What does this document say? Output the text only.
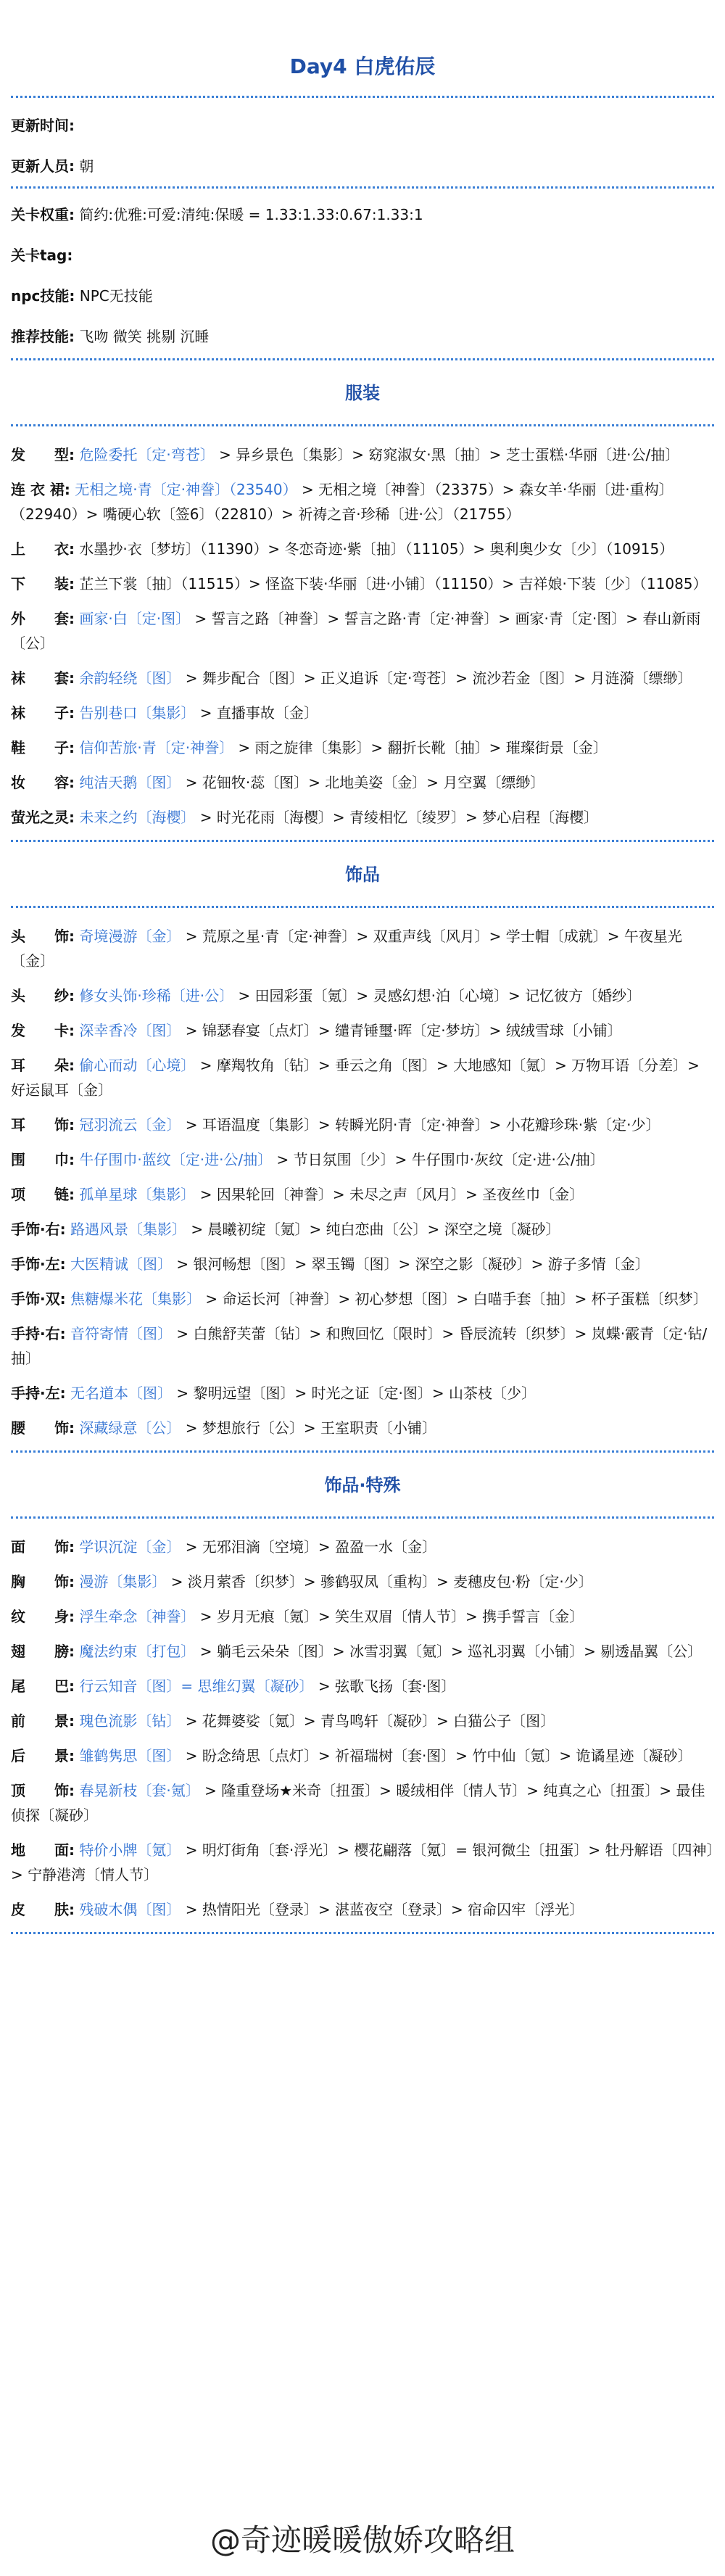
Day4 白虎佑辰
更新时间:
更新人员: 朝
关卡权重: 简约:优雅:可爱:清纯:保暖 = 1.33:1.33:0.67:1.33:1
关卡tag:
npc技能: NPC无技能
推荐技能: 飞吻 微笑 挑剔 沉睡
服装
发　　型: 危险委托〔定·弯苍〕 > 异乡景色〔集影〕> 窈窕淑女·黑〔抽〕> 芝士蛋糕·华丽〔进·公/抽〕
连 衣 裙: 无相之境·青〔定·神誊〕（23540） > 无相之境〔神誊〕（23375）> 森女羊·华丽〔进·重构〕（22940）> 嘴硬心软〔签6〕（22810）> 祈祷之音·珍稀〔进·公〕（21755）
上　　衣: 水墨抄·衣〔梦坊〕（11390）> 冬恋奇迹·紫〔抽〕（11105）> 奥利奥少女〔少〕（10915）
下　　装: 芷兰下裳〔抽〕（11515）> 怪盗下装·华丽〔进·小铺〕（11150）> 吉祥娘·下装〔少〕（11085）
外　　套: 画家·白〔定·图〕 > 誓言之路〔神誊〕> 誓言之路·青〔定·神誊〕> 画家·青〔定·图〕> 春山新雨〔公〕
袜　　套: 余韵轻绕〔图〕 > 舞步配合〔图〕> 正义追诉〔定·弯苍〕> 流沙若金〔图〕> 月涟漪〔缥缈〕
袜　　子: 告别巷口〔集影〕 > 直播事故〔金〕
鞋　　子: 信仰苦旅·青〔定·神誊〕 > 雨之旋律〔集影〕> 翻折长靴〔抽〕> 璀璨街景〔金〕
妆　　容: 纯洁天鹅〔图〕 > 花钿牧·蕊〔图〕> 北地美姿〔金〕> 月空翼〔缥缈〕
萤光之灵: 未来之约〔海樱〕 > 时光花雨〔海樱〕> 青绫相忆〔绫罗〕> 梦心启程〔海樱〕
饰品
头　　饰: 奇境漫游〔金〕 > 荒原之星·青〔定·神誊〕> 双重声线〔风月〕> 学士帽〔成就〕> 午夜星光〔金〕
头　　纱: 修女头饰·珍稀〔进·公〕 > 田园彩蛋〔氪〕> 灵感幻想·泊〔心境〕> 记忆彼方〔婚纱〕
发　　卡: 深幸香冷〔图〕 > 锦瑟春宴〔点灯〕> 缱青锤璽·晖〔定·梦坊〕> 绒绒雪球〔小铺〕
耳　　朵: 偷心而动〔心境〕 > 摩羯牧角〔钻〕> 垂云之角〔图〕> 大地感知〔氪〕> 万物耳语〔分差〕> 好运鼠耳〔金〕
耳　　饰: 冠羽流云〔金〕 > 耳语温度〔集影〕> 转瞬光阴·青〔定·神誊〕> 小花瓣珍珠·紫〔定·少〕
围　　巾: 牛仔围巾·蓝纹〔定·进·公/抽〕 > 节日氛围〔少〕> 牛仔围巾·灰纹〔定·进·公/抽〕
项　　链: 孤单星球〔集影〕 > 因果轮回〔神誊〕> 未尽之声〔风月〕> 圣夜丝巾〔金〕
手饰·右: 路遇风景〔集影〕 > 晨曦初绽〔氪〕> 纯白恋曲〔公〕> 深空之境〔凝砂〕
手饰·左: 大医精诚〔图〕 > 银河畅想〔图〕> 翠玉镯〔图〕> 深空之影〔凝砂〕> 游子多情〔金〕
手饰·双: 焦糖爆米花〔集影〕 > 命运长河〔神誊〕> 初心梦想〔图〕> 白喵手套〔抽〕> 杯子蛋糕〔织梦〕
手持·右: 音符寄情〔图〕 > 白熊舒芙蕾〔钻〕> 和煦回忆〔限时〕> 昏辰流转〔织梦〕> 岚蝶·霰青〔定·钻/抽〕
手持·左: 无名道本〔图〕 > 黎明远望〔图〕> 时光之证〔定·图〕> 山茶枝〔少〕
腰　　饰: 深藏绿意〔公〕 > 梦想旅行〔公〕> 王室职责〔小铺〕
饰品·特殊
面　　饰: 学识沉淀〔金〕 > 无邪泪滴〔空境〕> 盈盈一水〔金〕
胸　　饰: 漫游〔集影〕 > 淡月萦香〔织梦〕> 骖鹤驭凤〔重构〕> 麦穗皮包·粉〔定·少〕
纹　　身: 浮生牵念〔神誊〕 > 岁月无痕〔氪〕> 笑生双眉〔情人节〕> 携手誓言〔金〕
翅　　膀: 魔法约束〔打包〕 > 躺毛云朵朵〔图〕> 冰雪羽翼〔氪〕> 巡礼羽翼〔小铺〕> 剔透晶翼〔公〕
尾　　巴: 行云知音〔图〕= 思维幻翼〔凝砂〕 > 弦歌飞扬〔套·图〕
前　　景: 瑰色流影〔钻〕 > 花舞婆娑〔氪〕> 青鸟鸣轩〔凝砂〕> 白猫公子〔图〕
后　　景: 雏鹤隽思〔图〕 > 盼念绮思〔点灯〕> 祈福瑞树〔套·图〕> 竹中仙〔氪〕> 诡谲星迹〔凝砂〕
顶　　饰: 春晃新枝〔套·氪〕 > 隆重登场★米奇〔扭蛋〕> 暖绒相伴〔情人节〕> 纯真之心〔扭蛋〕> 最佳侦探〔凝砂〕
地　　面: 特价小牌〔氪〕 > 明灯街角〔套·浮光〕> 樱花翩落〔氪〕= 银河微尘〔扭蛋〕> 牡丹解语〔四神〕> 宁静港湾〔情人节〕
皮　　肤: 残破木偶〔图〕 > 热情阳光〔登录〕> 湛蓝夜空〔登录〕> 宿命囚牢〔浮光〕
@奇迹暖暖傲娇攻略组
